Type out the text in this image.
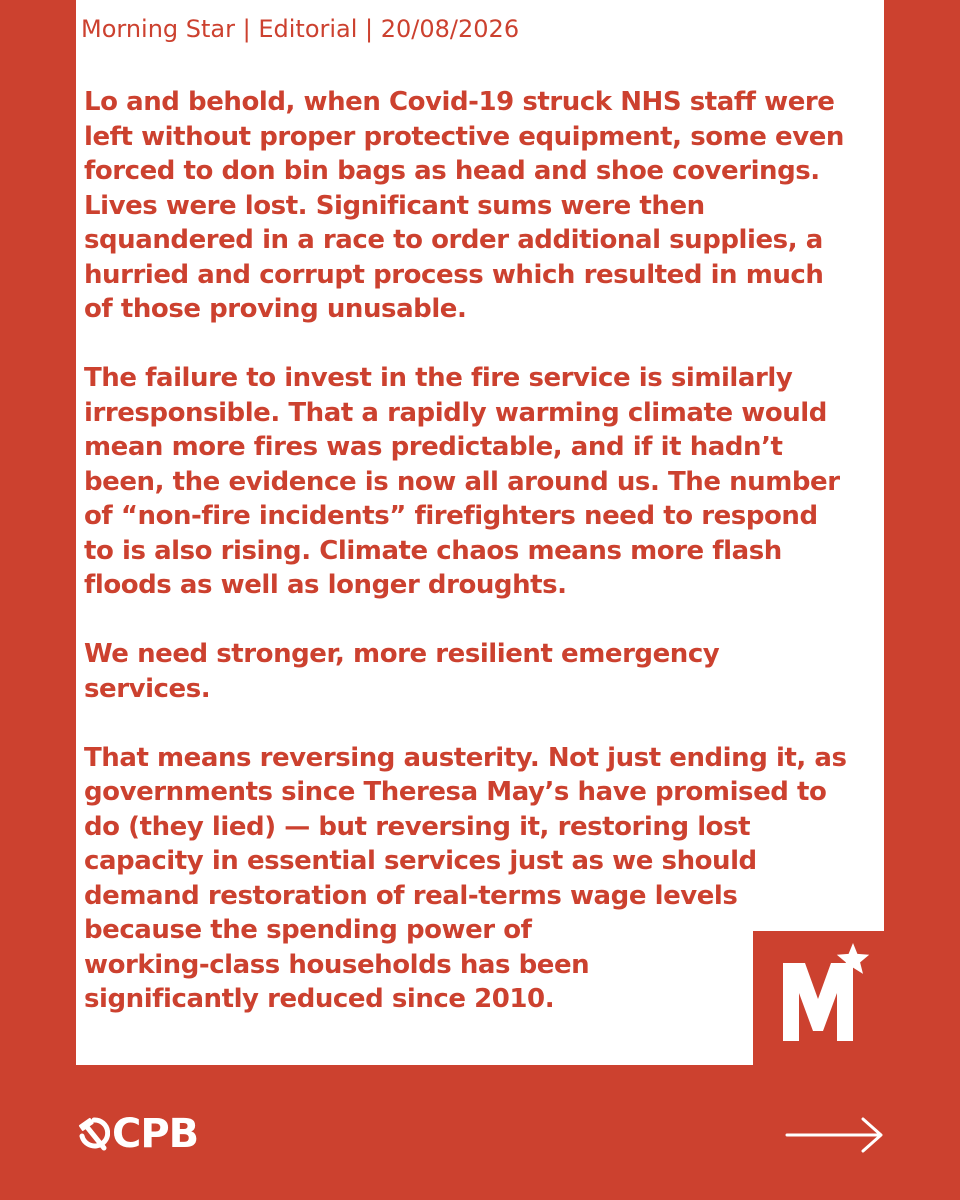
Morning Star | Editorial | 20/08/2026

Lo and behold, when Covid-19 struck NHS staff were
left without proper protective equipment, some even
forced to don bin bags as head and shoe coverings.
Lives were lost. Significant sums were then
squandered in a race to order additional supplies, a
hurried and corrupt process which resulted in much
of those proving unusable.

The failure to invest in the fire service is similarly
irresponsible. That a rapidly warming climate would
mean more fires was predictable, and if it hadn’t
been, the evidence is now all around us. The number
of “non-fire incidents” firefighters need to respond
to is also rising. Climate chaos means more flash
floods as well as longer droughts.

We need stronger, more resilient emergency
services.

That means reversing austerity. Not just ending it, as
governments since Theresa May’s have promised to
do (they lied) — but reversing it, restoring lost
capacity in essential services just as we should
demand restoration of real-terms wage levels
because the spending power of
working-class households has been
significantly reduced since 2010.

CPB
